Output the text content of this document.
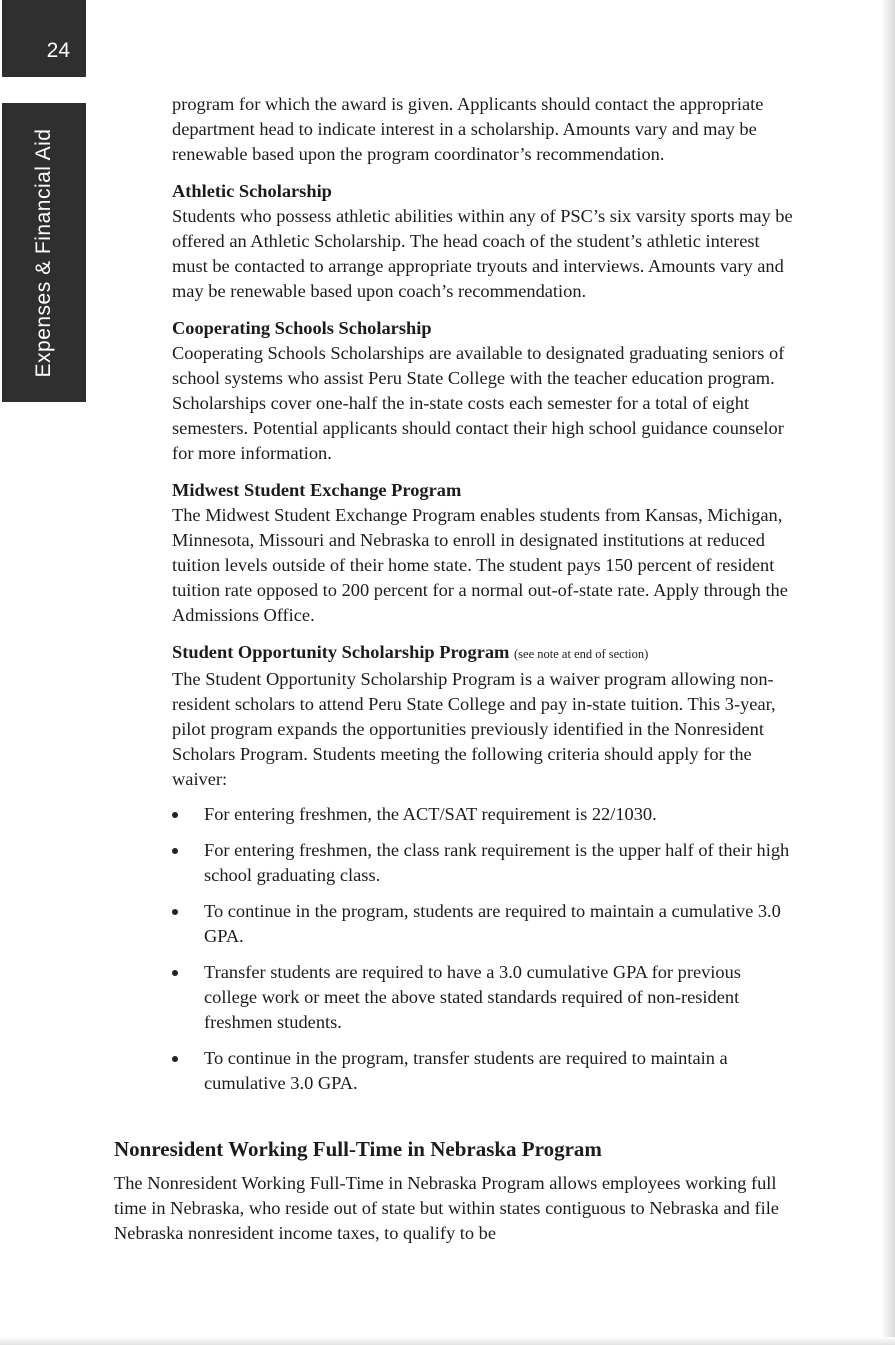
24
Expenses & Financial Aid

program for which the award is given. Applicants should contact the appropriate department head to indicate interest in a scholarship. Amounts vary and may be renewable based upon the program coordinator’s recommendation.

Athletic Scholarship

Students who possess athletic abilities within any of PSC’s six varsity sports may be offered an Athletic Scholarship. The head coach of the student’s athletic interest must be contacted to arrange appropriate tryouts and interviews. Amounts vary and may be renewable based upon coach’s recommendation.

Cooperating Schools Scholarship

Cooperating Schools Scholarships are available to designated graduating seniors of school systems who assist Peru State College with the teacher education program. Scholarships cover one-half the in-state costs each semester for a total of eight semesters. Potential applicants should contact their high school guidance counselor for more information.

Midwest Student Exchange Program

The Midwest Student Exchange Program enables students from Kansas, Michigan, Minnesota, Missouri and Nebraska to enroll in designated institutions at reduced tuition levels outside of their home state. The student pays 150 percent of resident tuition rate opposed to 200 percent for a normal out-of-state rate. Apply through the Admissions Office.

Student Opportunity Scholarship Program (see note at end of section)

The Student Opportunity Scholarship Program is a waiver program allowing non-resident scholars to attend Peru State College and pay in-state tuition. This 3-year, pilot program expands the opportunities previously identified in the Nonresident Scholars Program. Students meeting the following criteria should apply for the waiver:

For entering freshmen, the ACT/SAT requirement is 22/1030.
For entering freshmen, the class rank requirement is the upper half of their high school graduating class.
To continue in the program, students are required to maintain a cumulative 3.0 GPA.
Transfer students are required to have a 3.0 cumulative GPA for previous college work or meet the above stated standards required of non-resident freshmen students.
To continue in the program, transfer students are required to maintain a cumulative 3.0 GPA.
Nonresident Working Full-Time in Nebraska Program

The Nonresident Working Full-Time in Nebraska Program allows employees working full time in Nebraska, who reside out of state but within states contiguous to Nebraska and file Nebraska nonresident income taxes, to qualify to be
